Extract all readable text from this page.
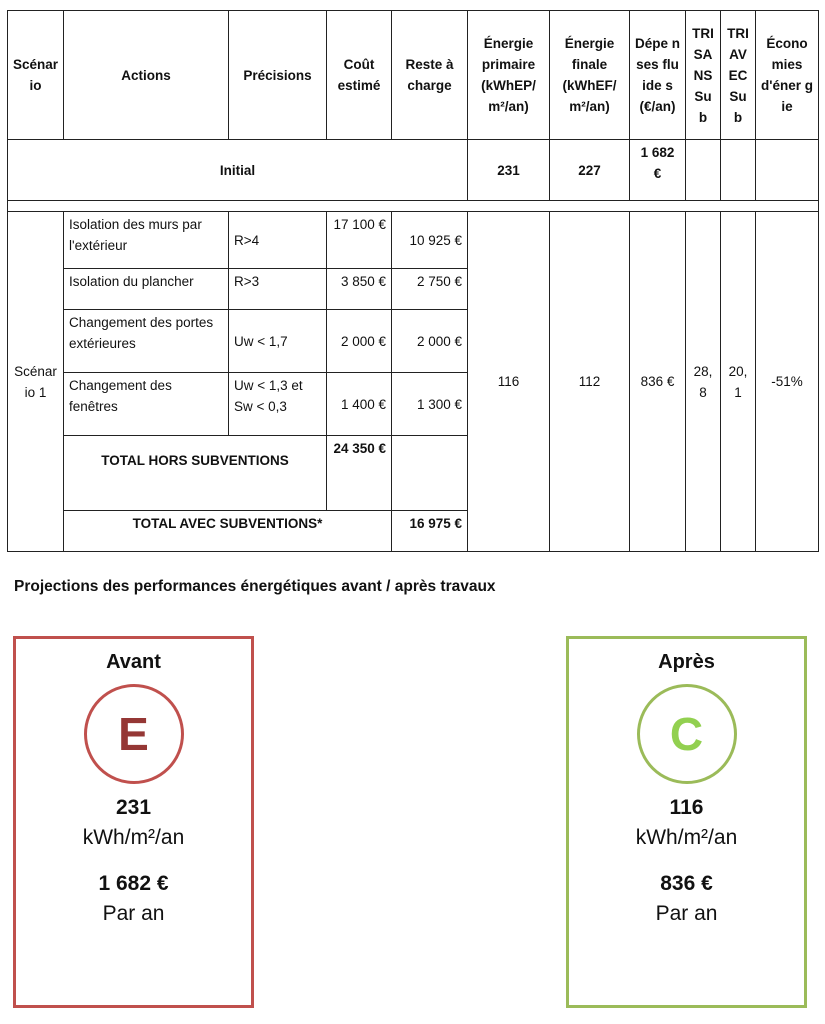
Scénar io	Actions	Précisions	Coût estimé	Reste à charge	Énergie primaire (kWhEP/ m²/an)	Énergie finale (kWhEF/ m²/an)	Dépe nses fluide s (€/an)	TRI SA NS Su b	TRI AV EC Su b	Écono mies d'éner gie
Initial					231	227	1 682 €			

Scénar io 1	Isolation des murs par l'extérieur	R>4	17 100 €	10 925 €	116	112	836 €	28, 8	20, 1	-51%
	Isolation du plancher	R>3	3 850 €	2 750 €						
	Changement des portes extérieures	Uw < 1,7	2 000 €	2 000 €						
	Changement des fenêtres	Uw < 1,3 et Sw < 0,3	1 400 €	1 300 €						
	TOTAL HORS SUBVENTIONS		24 350 €							
	TOTAL AVEC SUBVENTIONS*			16 975 €						
Projections des performances énergétiques avant / après travaux
Avant
E
231
kWh/m²/an
1 682 €
Par an
Après
C
116
kWh/m²/an
836 €
Par an
